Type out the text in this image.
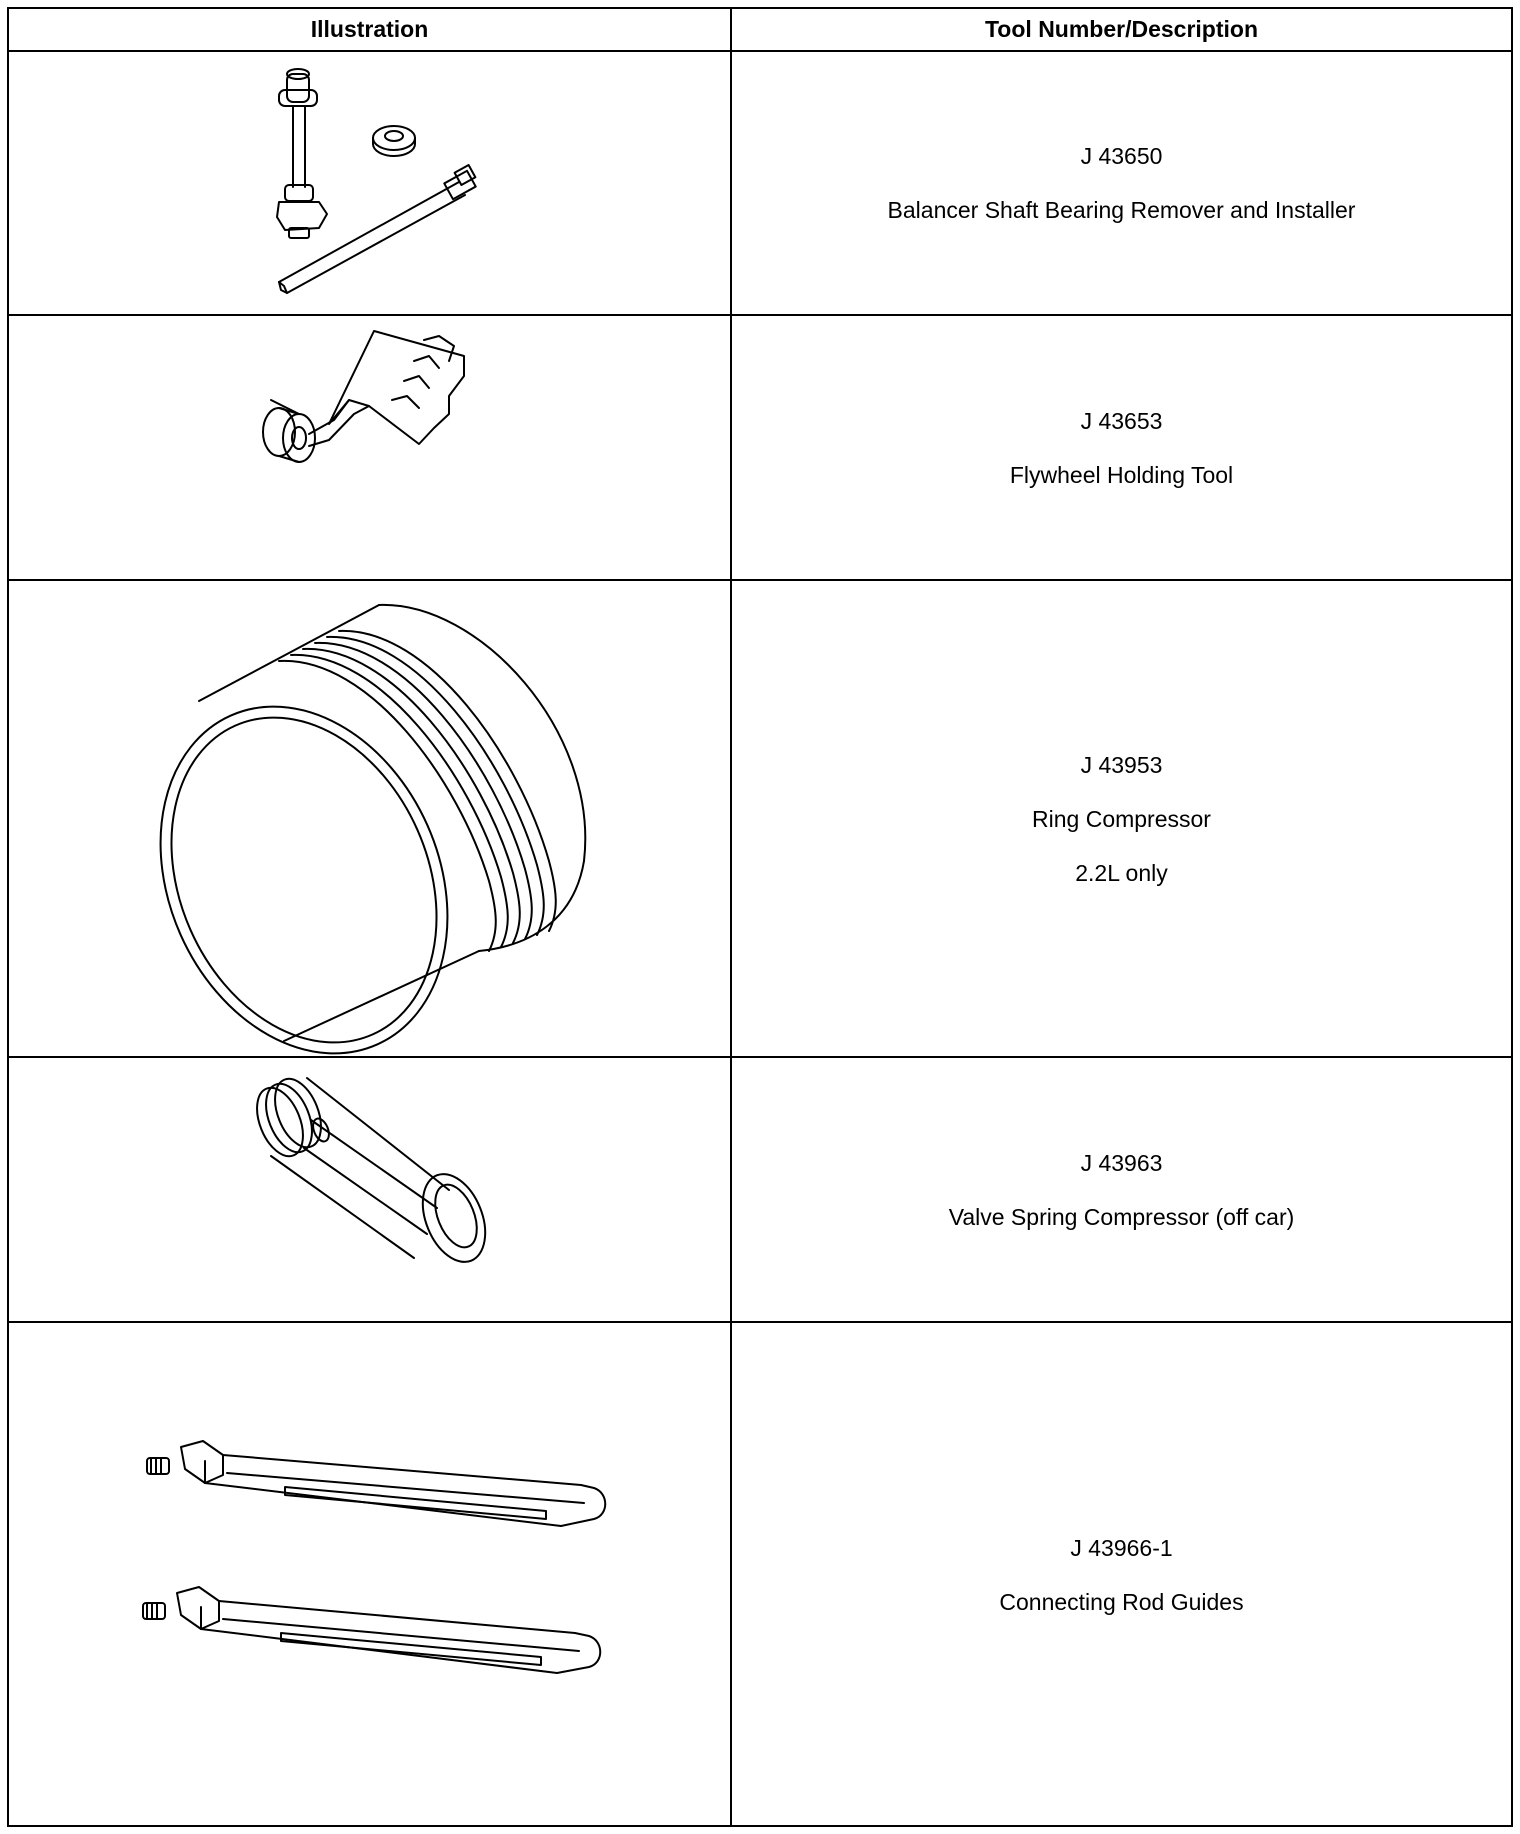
Illustration	Tool Number/Description
J 43650
Balancer Shaft Bearing Remover and Installer
J 43653
Flywheel Holding Tool
J 43953
Ring Compressor
2.2L only
J 43963
Valve Spring Compressor (off car)
J 43966-1
Connecting Rod Guides
